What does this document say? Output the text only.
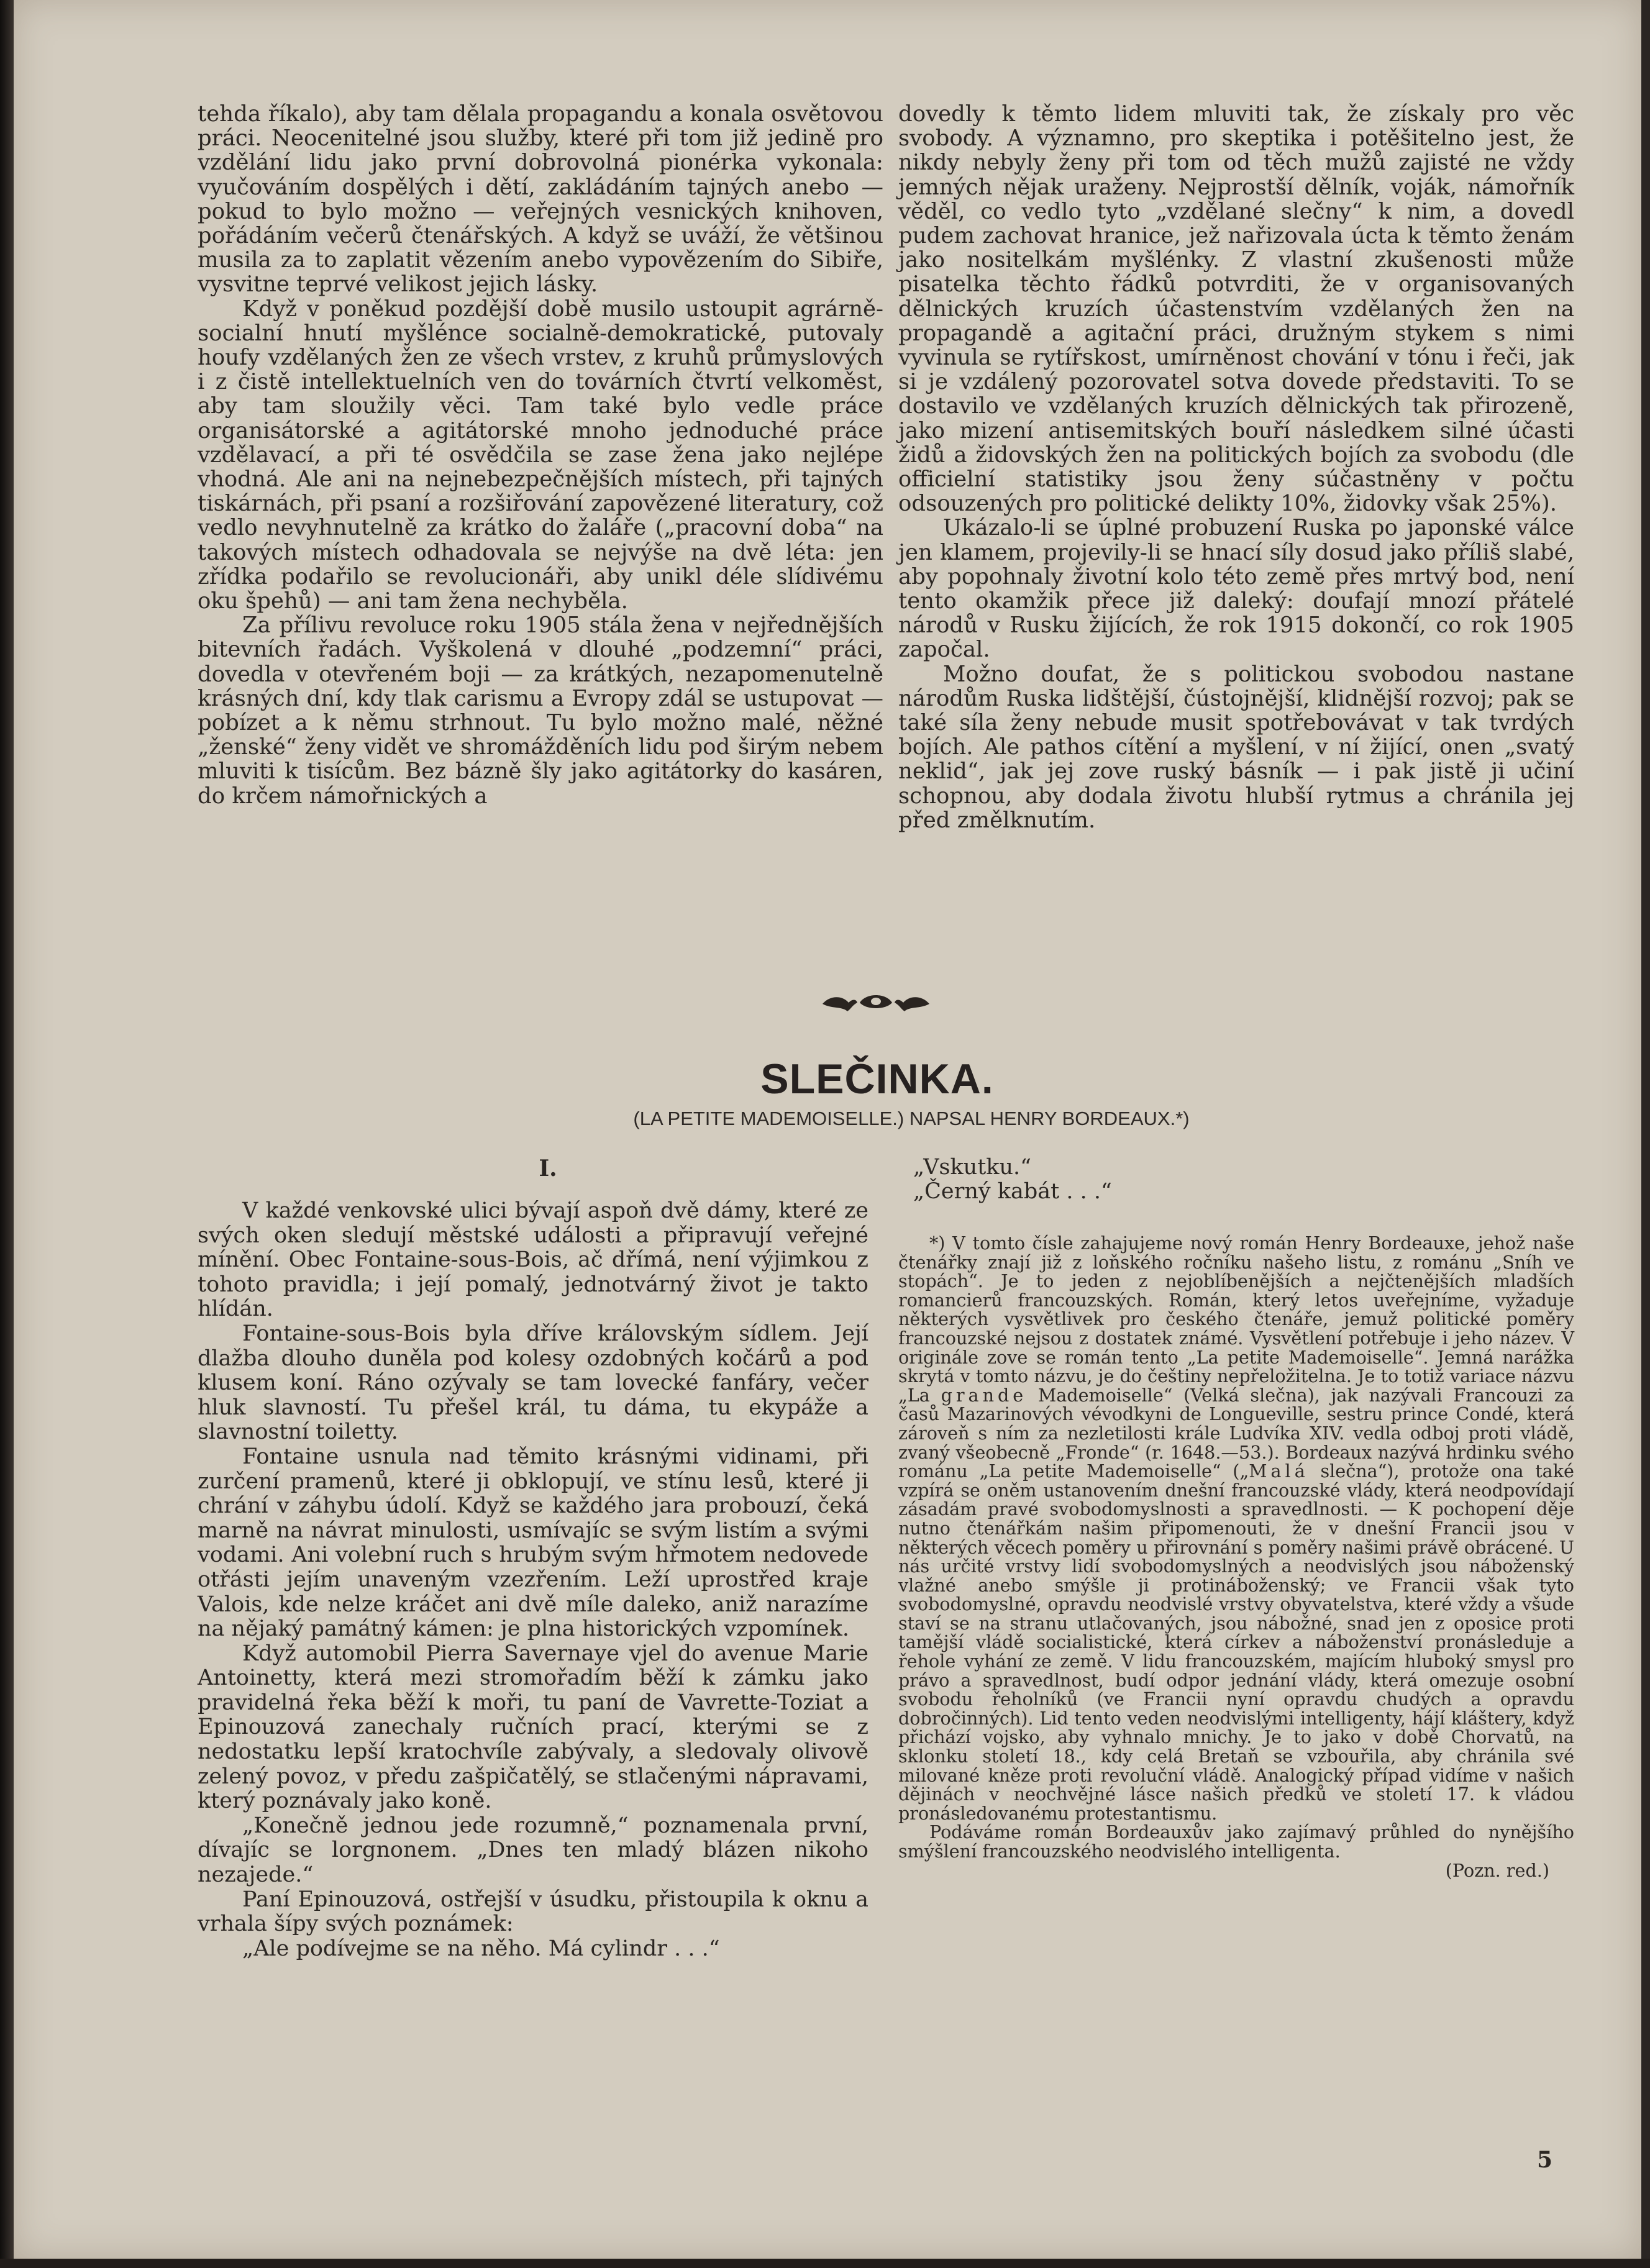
tehda říkalo), aby tam dělala propagandu a konala osvětovou práci. Neocenitelné jsou služby, které při tom již jedině pro vzdělání lidu jako první dobrovolná pionérka vykonala: vyučováním dospělých i dětí, zakládáním tajných anebo — pokud to bylo možno — veřejných vesnických knihoven, pořádáním večerů čtenářských. A když se uváží, že většinou musila za to zaplatit vězením anebo vypovězením do Sibiře, vysvitne teprvé velikost jejich lásky.

Když v poněkud pozdější době musilo ustoupit agrárně-socialní hnutí myšlénce socialně-demokratické, putovaly houfy vzdělaných žen ze všech vrstev, z kruhů průmyslových i z čistě intellektuelních ven do továrních čtvrtí velkoměst, aby tam sloužily věci. Tam také bylo vedle práce organisátorské a agitátorské mnoho jednoduché práce vzdělavací, a při té osvědčila se zase žena jako nejlépe vhodná. Ale ani na nejnebezpečnějších místech, při tajných tiskárnách, při psaní a rozšiřování zapovězené literatury, což vedlo nevyhnutelně za krátko do žaláře („pracovní doba“ na takových místech odhadovala se nejvýše na dvě léta: jen zřídka podařilo se revolucionáři, aby unikl déle slídivému oku špehů) — ani tam žena nechyběla.

Za přílivu revoluce roku 1905 stála žena v nejřednějších bitevních řadách. Vyškolená v dlouhé „podzemní“ práci, dovedla v otevřeném boji — za krátkých, nezapomenutelně krásných dní, kdy tlak carismu a Evropy zdál se ustupovat — pobízet a k němu strhnout. Tu bylo možno malé, něžné „ženské“ ženy vidět ve shromážděních lidu pod širým nebem mluviti k tisícům. Bez bázně šly jako agitátorky do kasáren, do krčem námořnických a

dovedly k těmto lidem mluviti tak, že získaly pro věc svobody. A významno, pro skeptika i potěšitelno jest, že nikdy nebyly ženy při tom od těch mužů zajisté ne vždy jemných nějak uraženy. Nejprostší dělník, voják, námořník věděl, co vedlo tyto „vzdělané slečny“ k nim, a dovedl pudem zachovat hranice, jež nařizovala úcta k těmto ženám jako nositelkám myšlénky. Z vlastní zkušenosti může pisatelka těchto řádků potvrditi, že v organisovaných dělnických kruzích účastenstvím vzdělaných žen na propagandě a agitační práci, družným stykem s nimi vyvinula se rytířskost, umírněnost chování v tónu i řeči, jak si je vzdálený pozorovatel sotva dovede představiti. To se dostavilo ve vzdělaných kruzích dělnických tak přirozeně, jako mizení antisemitských bouří následkem silné účasti židů a židovských žen na politických bojích za svobodu (dle officielní statistiky jsou ženy súčastněny v počtu odsouzených pro politické delikty 10%, židovky však 25%).

Ukázalo-li se úplné probuzení Ruska po japonské válce jen klamem, projevily-li se hnací síly dosud jako příliš slabé, aby popohnaly životní kolo této země přes mrtvý bod, není tento okamžik přece již daleký: doufají mnozí přátelé národů v Rusku žijících, že rok 1915 dokončí, co rok 1905 započal.

Možno doufat, že s politickou svobodou nastane národům Ruska lidštější, čústojnější, klidnější rozvoj; pak se také síla ženy nebude musit spotřebovávat v tak tvrdých bojích. Ale pathos cítění a myšlení, v ní žijící, onen „svatý neklid“, jak jej zove ruský básník — i pak jistě ji učiní schopnou, aby dodala životu hlubší rytmus a chránila jej před změlknutím.

SLEČINKA.
(LA PETITE MADEMOISELLE.) NAPSAL HENRY BORDEAUX.*)
I.

V každé venkovské ulici bývají aspoň dvě dámy, které ze svých oken sledují městské události a připravují veřejné mínění. Obec Fontaine-sous-Bois, ač dřímá, není výjimkou z tohoto pravidla; i její pomalý, jednotvárný život je takto hlídán.

Fontaine-sous-Bois byla dříve královským sídlem. Její dlažba dlouho duněla pod kolesy ozdobných kočárů a pod klusem koní. Ráno ozývaly se tam lovecké fanfáry, večer hluk slavností. Tu přešel král, tu dáma, tu ekypáže a slavnostní toiletty.

Fontaine usnula nad těmito krásnými vidinami, při zurčení pramenů, které ji obklopují, ve stínu lesů, které ji chrání v záhybu údolí. Když se každého jara probouzí, čeká marně na návrat minulosti, usmívajíc se svým listím a svými vodami. Ani volební ruch s hrubým svým hřmotem nedovede otřásti jejím unaveným vzezřením. Leží uprostřed kraje Valois, kde nelze kráčet ani dvě míle daleko, aniž narazíme na nějaký památný kámen: je plna historických vzpomínek.

Když automobil Pierra Savernaye vjel do avenue Marie Antoinetty, která mezi stromořadím běží k zámku jako pravidelná řeka běží k moři, tu paní de Vavrette-Toziat a Epinouzová zanechaly ručních prací, kterými se z nedostatku lepší kratochvíle zabývaly, a sledovaly olivově zelený povoz, v předu zašpičatělý, se stlačenými nápravami, který poznávaly jako koně.

„Konečně jednou jede rozumně,“ poznamenala první, dívajíc se lorgnonem. „Dnes ten mladý blázen nikoho nezajede.“

Paní Epinouzová, ostřejší v úsudku, přistoupila k oknu a vrhala šípy svých poznámek:

„Ale podívejme se na něho. Má cylindr . . .“

„Vskutku.“

„Černý kabát . . .“

*) V tomto čísle zahajujeme nový román Henry Bordeauxe, jehož naše čtenářky znají již z loňského ročníku našeho listu, z románu „Sníh ve stopách“. Je to jeden z nejoblíbenějších a nejčtenějších mladších romancierů francouzských. Román, který letos uveřejníme, vyžaduje některých vysvětlivek pro českého čtenáře, jemuž politické poměry francouzské nejsou z dostatek známé. Vysvětlení potřebuje i jeho název. V originále zove se román tento „La petite Mademoiselle“. Jemná narážka skrytá v tomto názvu, je do češtiny nepřeložitelna. Je to totiž variace názvu „La grande Mademoiselle“ (Velká slečna), jak nazývali Francouzi za časů Mazarinových vévodkyni de Longueville, sestru prince Condé, která zároveň s ním za nezletilosti krále Ludvíka XIV. vedla odboj proti vládě, zvaný všeobecně „Fronde“ (r. 1648.—53.). Bordeaux nazývá hrdinku svého románu „La petite Mademoiselle“ („Malá slečna“), protože ona také vzpírá se oněm ustanovením dnešní francouzské vlády, která neodpovídají zásadám pravé svobodomyslnosti a spravedlnosti. — K pochopení děje nutno čtenářkám našim připomenouti, že v dnešní Francii jsou v některých věcech poměry u přirovnání s poměry našimi právě obrácené. U nás určité vrstvy lidí svobodomyslných a neodvislých jsou náboženský vlažné anebo smýšle ji protináboženský; ve Francii však tyto svobodomyslné, opravdu neodvislé vrstvy obyvatelstva, které vždy a všude staví se na stranu utlačovaných, jsou nábožné, snad jen z oposice proti tamější vládě socialistické, která církev a náboženství pronásleduje a řehole vyhání ze země. V lidu francouzském, majícím hluboký smysl pro právo a spravedlnost, budí odpor jednání vlády, která omezuje osobní svobodu řeholníků (ve Francii nyní opravdu chudých a opravdu dobročinných). Lid tento veden neodvislými intelligenty, hájí kláštery, když přichází vojsko, aby vyhnalo mnichy. Je to jako v době Chorvatů, na sklonku století 18., kdy celá Bretaň se vzbouřila, aby chránila své milované kněze proti revoluční vládě. Analogický případ vidíme v našich dějinách v neochvějné lásce našich předků ve století 17. k vládou pronásledovanému protestantismu.

Podáváme román Bordeauxův jako zajímavý průhled do nynějšího smýšlení francouzského neodvislého intelligenta.

(Pozn. red.)

5
